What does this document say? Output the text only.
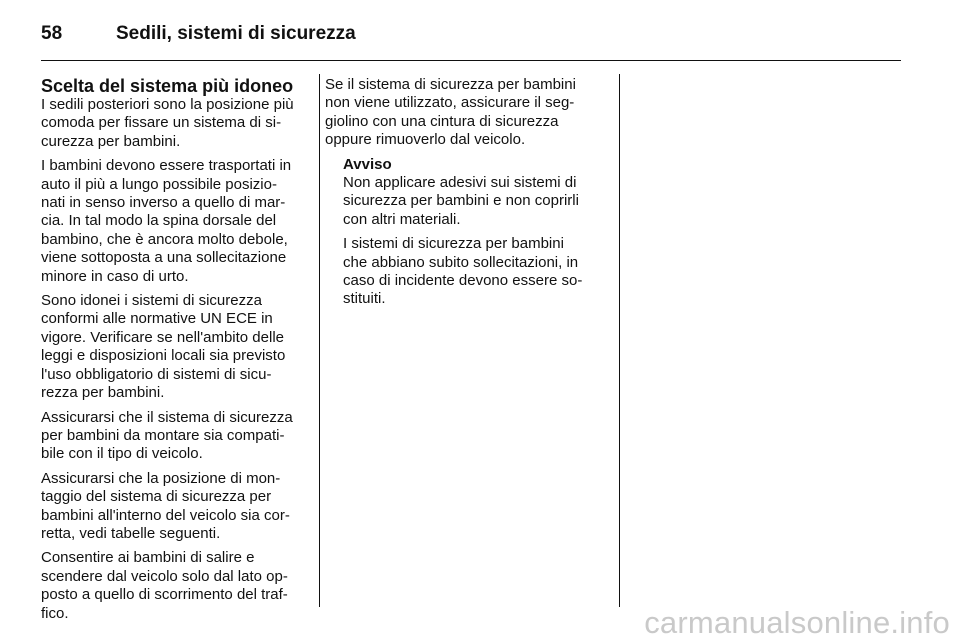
58	Sedili, sistemi di sicurezza
Scelta del sistema più idoneo

I sedili posteriori sono la posizione più
comoda per fissare un sistema di si-
curezza per bambini.

I bambini devono essere trasportati in
auto il più a lungo possibile posizio-
nati in senso inverso a quello di mar-
cia. In tal modo la spina dorsale del
bambino, che è ancora molto debole,
viene sottoposta a una sollecitazione
minore in caso di urto.

Sono idonei i sistemi di sicurezza
conformi alle normative UN ECE in
vigore. Verificare se nell'ambito delle
leggi e disposizioni locali sia previsto
l'uso obbligatorio di sistemi di sicu-
rezza per bambini.

Assicurarsi che il sistema di sicurezza
per bambini da montare sia compati-
bile con il tipo di veicolo.

Assicurarsi che la posizione di mon-
taggio del sistema di sicurezza per
bambini all'interno del veicolo sia cor-
retta, vedi tabelle seguenti.

Consentire ai bambini di salire e
scendere dal veicolo solo dal lato op-
posto a quello di scorrimento del traf-
fico.

Se il sistema di sicurezza per bambini
non viene utilizzato, assicurare il seg-
giolino con una cintura di sicurezza
oppure rimuoverlo dal veicolo.

Avviso

Non applicare adesivi sui sistemi di
sicurezza per bambini e non coprirli
con altri materiali.

I sistemi di sicurezza per bambini
che abbiano subito sollecitazioni, in
caso di incidente devono essere so-
stituiti.

carmanualsonline.info
